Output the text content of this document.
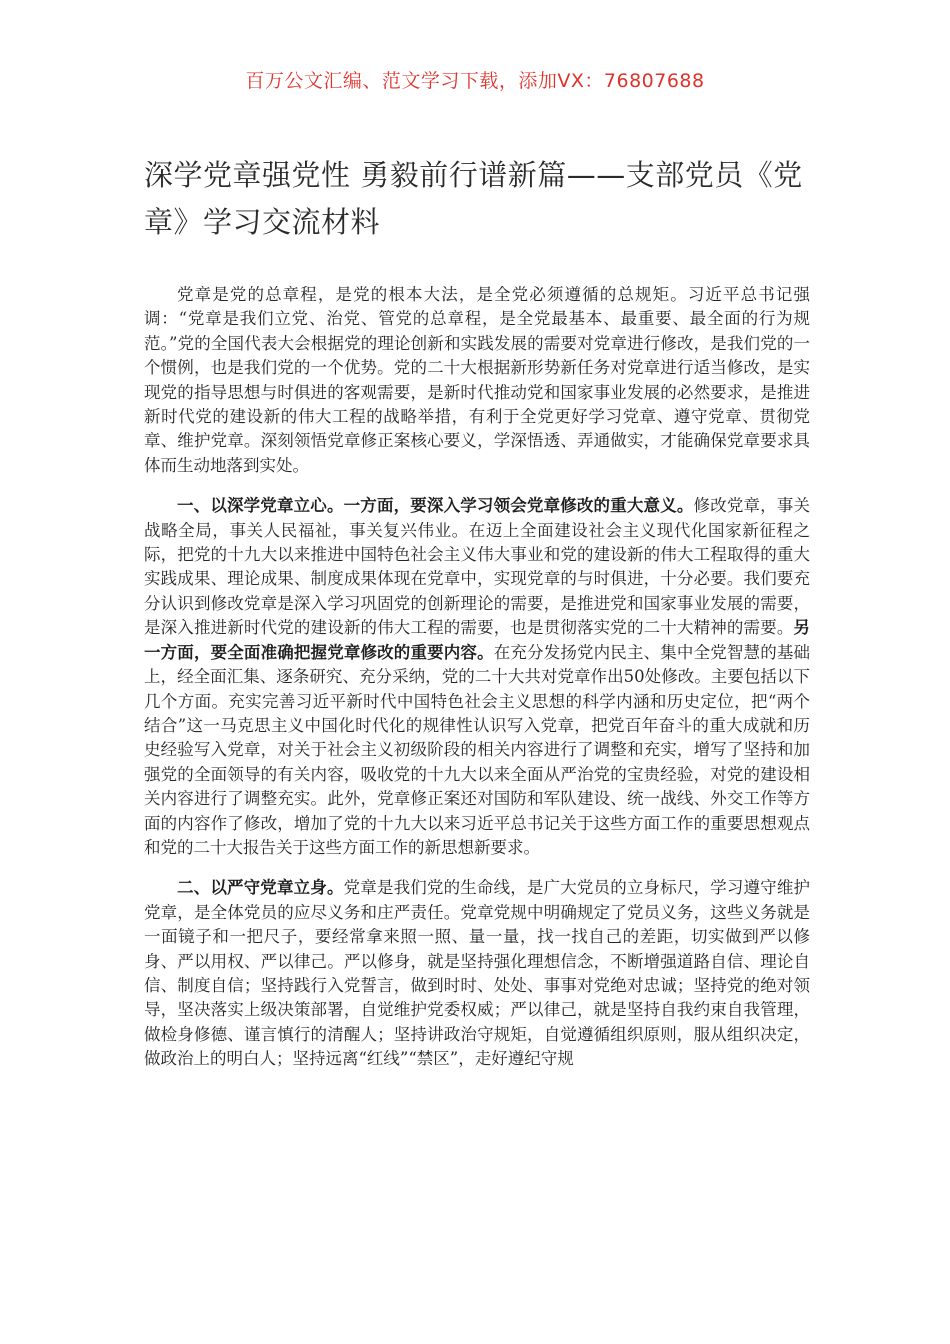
百万公文汇编、范文学习下载，添加VX：76807688
深学党章强党性 勇毅前行谱新篇——支部党员《党章》学习交流材料

党章是党的总章程，是党的根本大法，是全党必须遵循的总规矩。习近平总书记强调：“党章是我们立党、治党、管党的总章程，是全党最基本、最重要、最全面的行为规范。”党的全国代表大会根据党的理论创新和实践发展的需要对党章进行修改，是我们党的一个惯例，也是我们党的一个优势。党的二十大根据新形势新任务对党章进行适当修改，是实现党的指导思想与时俱进的客观需要，是新时代推动党和国家事业发展的必然要求，是推进新时代党的建设新的伟大工程的战略举措，有利于全党更好学习党章、遵守党章、贯彻党章、维护党章。深刻领悟党章修正案核心要义，学深悟透、弄通做实，才能确保党章要求具体而生动地落到实处。

一、以深学党章立心。一方面，要深入学习领会党章修改的重大意义。修改党章，事关战略全局，事关人民福祉，事关复兴伟业。在迈上全面建设社会主义现代化国家新征程之际，把党的十九大以来推进中国特色社会主义伟大事业和党的建设新的伟大工程取得的重大实践成果、理论成果、制度成果体现在党章中，实现党章的与时俱进，十分必要。我们要充分认识到修改党章是深入学习巩固党的创新理论的需要，是推进党和国家事业发展的需要，是深入推进新时代党的建设新的伟大工程的需要，也是贯彻落实党的二十大精神的需要。另一方面，要全面准确把握党章修改的重要内容。在充分发扬党内民主、集中全党智慧的基础上，经全面汇集、逐条研究、充分采纳，党的二十大共对党章作出50处修改。主要包括以下几个方面。充实完善习近平新时代中国特色社会主义思想的科学内涵和历史定位，把“两个结合”这一马克思主义中国化时代化的规律性认识写入党章，把党百年奋斗的重大成就和历史经验写入党章，对关于社会主义初级阶段的相关内容进行了调整和充实，增写了坚持和加强党的全面领导的有关内容，吸收党的十九大以来全面从严治党的宝贵经验，对党的建设相关内容进行了调整充实。此外，党章修正案还对国防和军队建设、统一战线、外交工作等方面的内容作了修改，增加了党的十九大以来习近平总书记关于这些方面工作的重要思想观点和党的二十大报告关于这些方面工作的新思想新要求。

二、以严守党章立身。党章是我们党的生命线，是广大党员的立身标尺，学习遵守维护党章，是全体党员的应尽义务和庄严责任。党章党规中明确规定了党员义务，这些义务就是一面镜子和一把尺子，要经常拿来照一照、量一量，找一找自己的差距，切实做到严以修身、严以用权、严以律己。严以修身，就是坚持强化理想信念，不断增强道路自信、理论自信、制度自信；坚持践行入党誓言，做到时时、处处、事事对党绝对忠诚；坚持党的绝对领导，坚决落实上级决策部署，自觉维护党委权威；严以律己，就是坚持自我约束自我管理，做检身修德、谨言慎行的清醒人；坚持讲政治守规矩，自觉遵循组织原则，服从组织决定，做政治上的明白人；坚持远离“红线”“禁区”，走好遵纪守规
